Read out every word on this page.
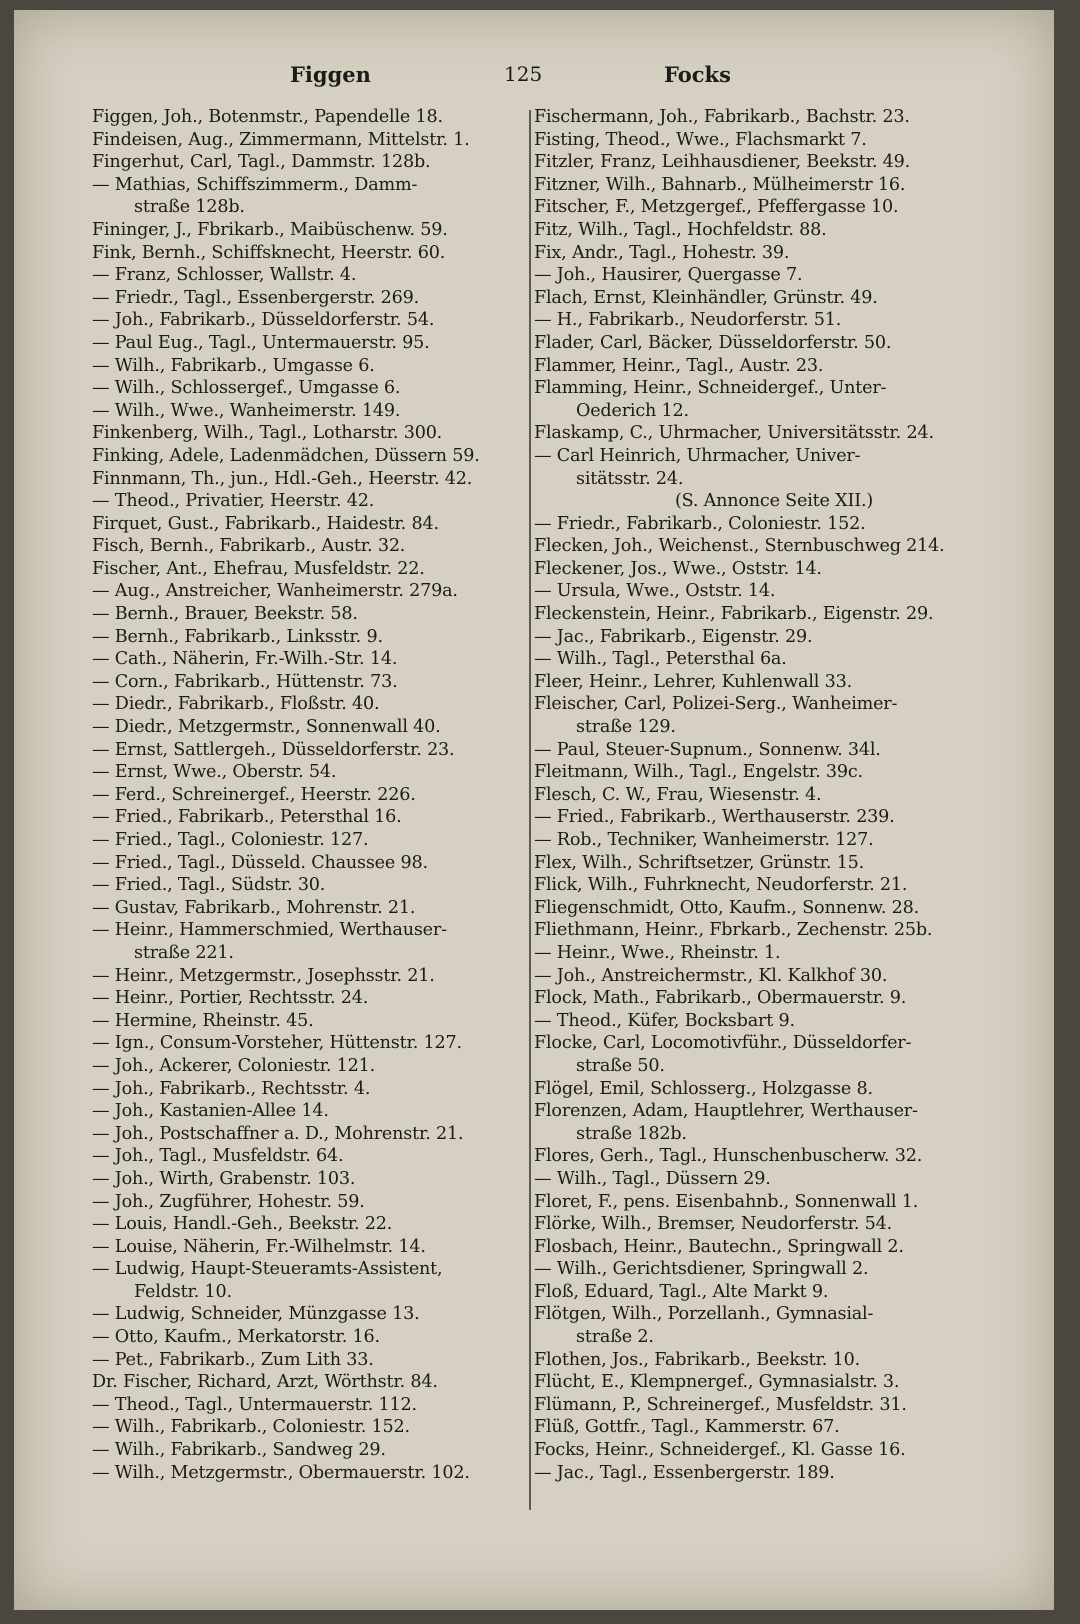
Figgen	125	Focks
Figgen, Joh., Botenmstr., Papendelle 18.
Findeisen, Aug., Zimmermann, Mittelstr. 1.
Fingerhut, Carl, Tagl., Dammstr. 128b.
— Mathias, Schiffszimmerm., Damm-
straße 128b.
Fininger, J., Fbrikarb., Maibüschenw. 59.
Fink, Bernh., Schiffsknecht, Heerstr. 60.
— Franz, Schlosser, Wallstr. 4.
— Friedr., Tagl., Essenbergerstr. 269.
— Joh., Fabrikarb., Düsseldorferstr. 54.
— Paul Eug., Tagl., Untermauerstr. 95.
— Wilh., Fabrikarb., Umgasse 6.
— Wilh., Schlossergef., Umgasse 6.
— Wilh., Wwe., Wanheimerstr. 149.
Finkenberg, Wilh., Tagl., Lotharstr. 300.
Finking, Adele, Ladenmädchen, Düssern 59.
Finnmann, Th., jun., Hdl.-Geh., Heerstr. 42.
— Theod., Privatier, Heerstr. 42.
Firquet, Gust., Fabrikarb., Haidestr. 84.
Fisch, Bernh., Fabrikarb., Austr. 32.
Fischer, Ant., Ehefrau, Musfeldstr. 22.
— Aug., Anstreicher, Wanheimerstr. 279a.
— Bernh., Brauer, Beekstr. 58.
— Bernh., Fabrikarb., Linksstr. 9.
— Cath., Näherin, Fr.-Wilh.-Str. 14.
— Corn., Fabrikarb., Hüttenstr. 73.
— Diedr., Fabrikarb., Floßstr. 40.
— Diedr., Metzgermstr., Sonnenwall 40.
— Ernst, Sattlergeh., Düsseldorferstr. 23.
— Ernst, Wwe., Oberstr. 54.
— Ferd., Schreinergef., Heerstr. 226.
— Fried., Fabrikarb., Petersthal 16.
— Fried., Tagl., Coloniestr. 127.
— Fried., Tagl., Düsseld. Chaussee 98.
— Fried., Tagl., Südstr. 30.
— Gustav, Fabrikarb., Mohrenstr. 21.
— Heinr., Hammerschmied, Werthauser-
straße 221.
— Heinr., Metzgermstr., Josephsstr. 21.
— Heinr., Portier, Rechtsstr. 24.
— Hermine, Rheinstr. 45.
— Ign., Consum-Vorsteher, Hüttenstr. 127.
— Joh., Ackerer, Coloniestr. 121.
— Joh., Fabrikarb., Rechtsstr. 4.
— Joh., Kastanien-Allee 14.
— Joh., Postschaffner a. D., Mohrenstr. 21.
— Joh., Tagl., Musfeldstr. 64.
— Joh., Wirth, Grabenstr. 103.
— Joh., Zugführer, Hohestr. 59.
— Louis, Handl.-Geh., Beekstr. 22.
— Louise, Näherin, Fr.-Wilhelmstr. 14.
— Ludwig, Haupt-Steueramts-Assistent,
Feldstr. 10.
— Ludwig, Schneider, Münzgasse 13.
— Otto, Kaufm., Merkatorstr. 16.
— Pet., Fabrikarb., Zum Lith 33.
Dr. Fischer, Richard, Arzt, Wörthstr. 84.
— Theod., Tagl., Untermauerstr. 112.
— Wilh., Fabrikarb., Coloniestr. 152.
— Wilh., Fabrikarb., Sandweg 29.
— Wilh., Metzgermstr., Obermauerstr. 102.
Fischermann, Joh., Fabrikarb., Bachstr. 23.
Fisting, Theod., Wwe., Flachsmarkt 7.
Fitzler, Franz, Leihhausdiener, Beekstr. 49.
Fitzner, Wilh., Bahnarb., Mülheimerstr 16.
Fitscher, F., Metzgergef., Pfeffergasse 10.
Fitz, Wilh., Tagl., Hochfeldstr. 88.
Fix, Andr., Tagl., Hohestr. 39.
— Joh., Hausirer, Quergasse 7.
Flach, Ernst, Kleinhändler, Grünstr. 49.
— H., Fabrikarb., Neudorferstr. 51.
Flader, Carl, Bäcker, Düsseldorferstr. 50.
Flammer, Heinr., Tagl., Austr. 23.
Flamming, Heinr., Schneidergef., Unter-
Oederich 12.
Flaskamp, C., Uhrmacher, Universitätsstr. 24.
— Carl Heinrich, Uhrmacher, Univer-
sitätsstr. 24.
(S. Annonce Seite XII.)
— Friedr., Fabrikarb., Coloniestr. 152.
Flecken, Joh., Weichenst., Sternbuschweg 214.
Fleckener, Jos., Wwe., Oststr. 14.
— Ursula, Wwe., Oststr. 14.
Fleckenstein, Heinr., Fabrikarb., Eigenstr. 29.
— Jac., Fabrikarb., Eigenstr. 29.
— Wilh., Tagl., Petersthal 6a.
Fleer, Heinr., Lehrer, Kuhlenwall 33.
Fleischer, Carl, Polizei-Serg., Wanheimer-
straße 129.
— Paul, Steuer-Supnum., Sonnenw. 34l.
Fleitmann, Wilh., Tagl., Engelstr. 39c.
Flesch, C. W., Frau, Wiesenstr. 4.
— Fried., Fabrikarb., Werthauserstr. 239.
— Rob., Techniker, Wanheimerstr. 127.
Flex, Wilh., Schriftsetzer, Grünstr. 15.
Flick, Wilh., Fuhrknecht, Neudorferstr. 21.
Fliegenschmidt, Otto, Kaufm., Sonnenw. 28.
Fliethmann, Heinr., Fbrkarb., Zechenstr. 25b.
— Heinr., Wwe., Rheinstr. 1.
— Joh., Anstreichermstr., Kl. Kalkhof 30.
Flock, Math., Fabrikarb., Obermauerstr. 9.
— Theod., Küfer, Bocksbart 9.
Flocke, Carl, Locomotivführ., Düsseldorfer-
straße 50.
Flögel, Emil, Schlosserg., Holzgasse 8.
Florenzen, Adam, Hauptlehrer, Werthauser-
straße 182b.
Flores, Gerh., Tagl., Hunschenbuscherw. 32.
— Wilh., Tagl., Düssern 29.
Floret, F., pens. Eisenbahnb., Sonnenwall 1.
Flörke, Wilh., Bremser, Neudorferstr. 54.
Flosbach, Heinr., Bautechn., Springwall 2.
— Wilh., Gerichtsdiener, Springwall 2.
Floß, Eduard, Tagl., Alte Markt 9.
Flötgen, Wilh., Porzellanh., Gymnasial-
straße 2.
Flothen, Jos., Fabrikarb., Beekstr. 10.
Flücht, E., Klempnergef., Gymnasialstr. 3.
Flümann, P., Schreinergef., Musfeldstr. 31.
Flüß, Gottfr., Tagl., Kammerstr. 67.
Focks, Heinr., Schneidergef., Kl. Gasse 16.
— Jac., Tagl., Essenbergerstr. 189.
